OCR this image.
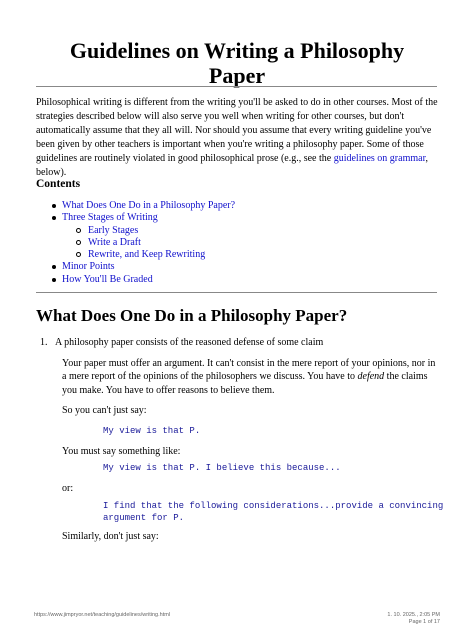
Guidelines on Writing a Philosophy
Paper

Philosophical writing is different from the writing you'll be asked to do in other courses. Most of the strategies described below will also serve you well when writing for other courses, but don't automatically assume that they all will. Nor should you assume that every writing guideline you've been given by other teachers is important when you're writing a philosophy paper. Some of those guidelines are routinely violated in good philosophical prose (e.g., see the guidelines on grammar, below).

Contents
What Does One Do in a Philosophy Paper?
Three Stages of Writing
Early Stages
Write a Draft
Rewrite, and Keep Rewriting
Minor Points
How You'll Be Graded
What Does One Do in a Philosophy Paper?
1. A philosophy paper consists of the reasoned defense of some claim

Your paper must offer an argument. It can't consist in the mere report of your opinions, nor in a mere report of the opinions of the philosophers we discuss. You have to defend the claims you make. You have to offer reasons to believe them.

So you can't just say:
My view is that P.
You must say something like:
My view is that P. I believe this because...
or:
I find that the following considerations...provide a convincing
argument for P.
Similarly, don't just say:
https://www.jimpryor.net/teaching/guidelines/writing.html	1. 10. 2025., 2:05 PM
Page 1 of 17
